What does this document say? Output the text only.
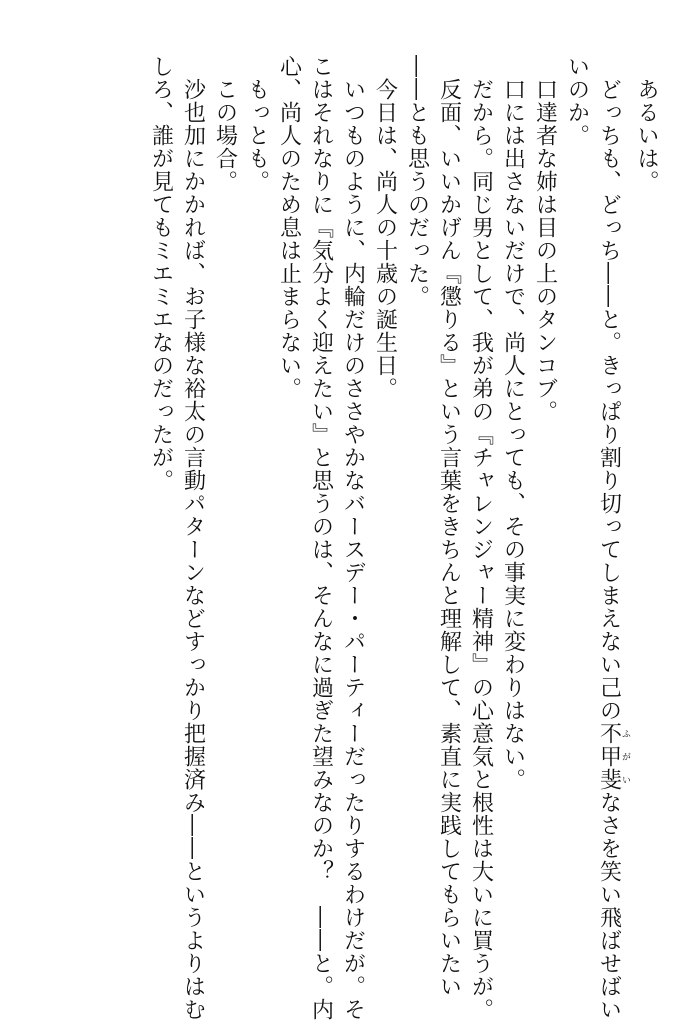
　あるいは。
　どっちも、どっち――と。きっぱり割り切ってしまえない己の不甲斐ふがいなさを笑い飛ばせばい
いのか。
　口達者な姉は目の上のタンコブ。
　口には出さないだけで、尚人にとっても、その事実に変わりはない。
　だから。同じ男として、我が弟の『チャレンジャー精神』の心意気と根性は大いに買うが。
　反面、いいかげん『懲りる』という言葉をきちんと理解して、素直に実践してもらいたい
――とも思うのだった。
　今日は、尚人の十歳の誕生日。
　いつものように、内輪だけのささやかなバースデー・パーティーだったりするわけだが。そ
こはそれなりに『気分よく迎えたい』と思うのは、そんなに過ぎた望みなのか？　――と。内
心、尚人のため息は止まらない。
　もっとも。
　この場合。
　沙也加にかかれば、お子様な裕太の言動パターンなどすっかり把握済み――というよりはむ
しろ、誰が見てもミエミエなのだったが。
